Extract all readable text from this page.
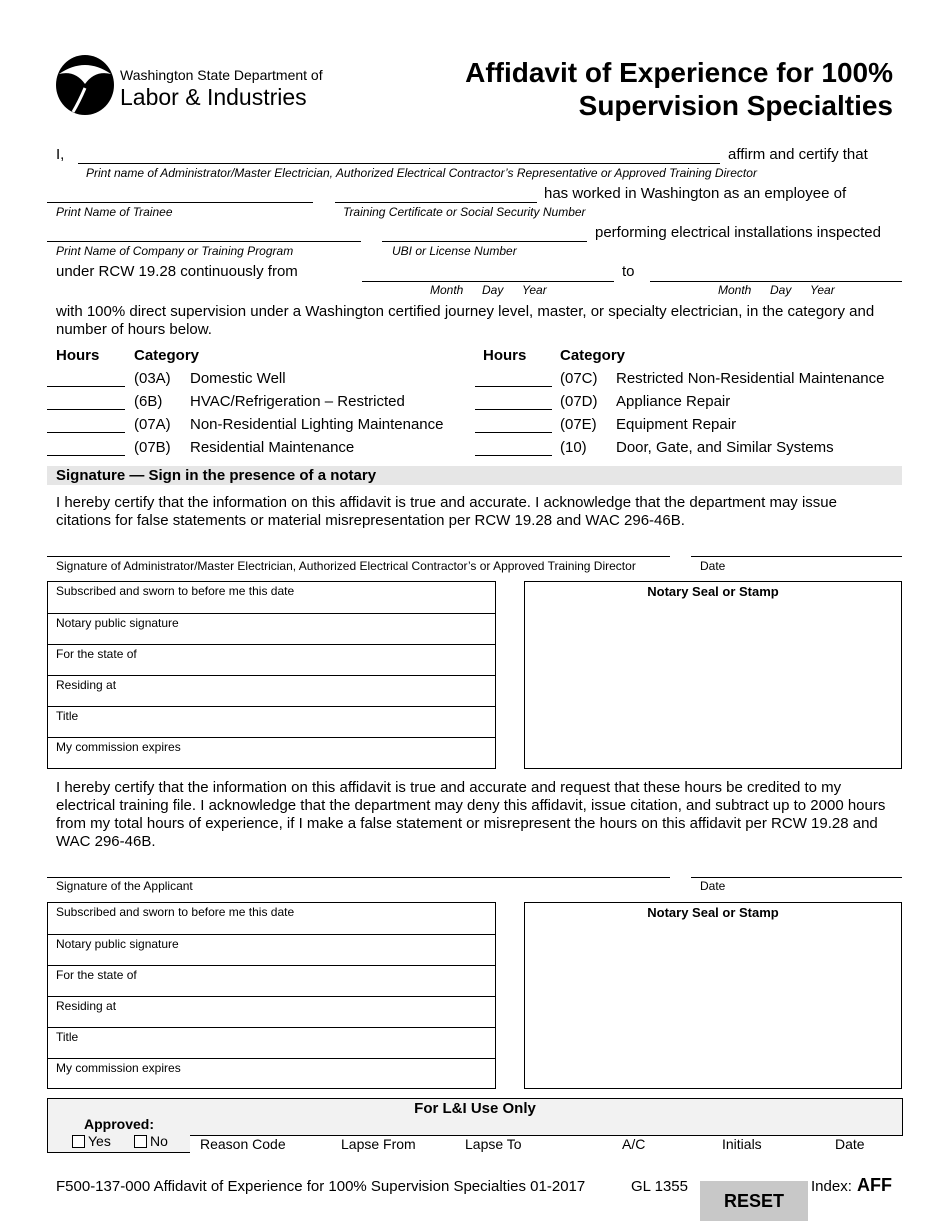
Washington State Department of
Labor & Industries
Affidavit of Experience for 100%
Supervision Specialties
I,	affirm and certify that
Print name of Administrator/Master Electrician, Authorized Electrical Contractor’s Representative or Approved Training Director
has worked in Washington as an employee of
Print Name of Trainee	Training Certificate or Social Security Number
performing electrical installations inspected
Print Name of Company or Training Program	UBI or License Number
under RCW 19.28 continuously from	to
Month Day Year	Month Day Year
with 100% direct supervision under a Washington certified journey level, master, or specialty electrician, in the category and number of hours below.
Hours Category	Hours Category
(03A) Domestic Well
(6B) HVAC/Refrigeration – Restricted
(07A) Non-Residential Lighting Maintenance
(07B) Residential Maintenance
(07C) Restricted Non-Residential Maintenance
(07D) Appliance Repair
(07E) Equipment Repair
(10) Door, Gate, and Similar Systems
Signature — Sign in the presence of a notary
I hereby certify that the information on this affidavit is true and accurate. I acknowledge that the department may issue citations for false statements or material misrepresentation per RCW 19.28 and WAC 296-46B.
Signature of Administrator/Master Electrician, Authorized Electrical Contractor’s or Approved Training Director	Date
Subscribed and sworn to before me this date
Notary public signature
For the state of
Residing at
Title
My commission expires
Notary Seal or Stamp
I hereby certify that the information on this affidavit is true and accurate and request that these hours be credited to my electrical training file. I acknowledge that the department may deny this affidavit, issue citation, and subtract up to 2000 hours from my total hours of experience, if I make a false statement or misrepresent the hours on this affidavit per RCW 19.28 and WAC 296-46B.
Signature of the Applicant	Date
Subscribed and sworn to before me this date
Notary public signature
For the state of
Residing at
Title
My commission expires
Notary Seal or Stamp
For L&I Use Only
Approved:
Yes	No Reason Code	Lapse From	Lapse To	A/C	Initials	Date
F500-137-000 Affidavit of Experience for 100% Supervision Specialties 01-2017	GL 1355
RESET
Index: AFF
